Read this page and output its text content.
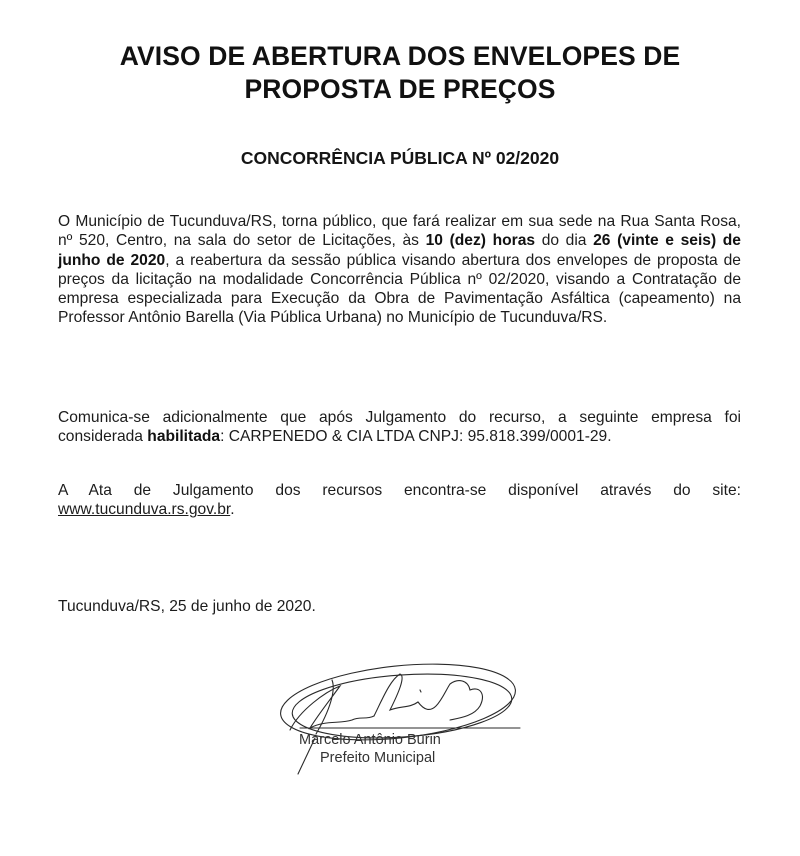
AVISO DE ABERTURA DOS ENVELOPES DE
PROPOSTA DE PREÇOS
CONCORRÊNCIA PÚBLICA Nº 02/2020
O Município de Tucunduva/RS, torna público, que fará realizar em sua sede na Rua Santa Rosa, nº 520, Centro, na sala do setor de Licitações, às 10 (dez) horas do dia 26 (vinte e seis) de junho de 2020, a reabertura da sessão pública visando abertura dos envelopes de proposta de preços da licitação na modalidade Concorrência Pública nº 02/2020, visando a Contratação de empresa especializada para Execução da Obra de Pavimentação Asfáltica (capeamento) na Professor Antônio Barella (Via Pública Urbana) no Município de Tucunduva/RS.
Comunica-se adicionalmente que após Julgamento do recurso, a seguinte empresa foi considerada habilitada: CARPENEDO & CIA LTDA CNPJ: 95.818.399/0001-29.
A Ata de Julgamento dos recursos encontra-se disponível através do site: www.tucunduva.rs.gov.br.
Tucunduva/RS, 25 de junho de 2020.
Marcelo Antônio Burin
Prefeito Municipal
